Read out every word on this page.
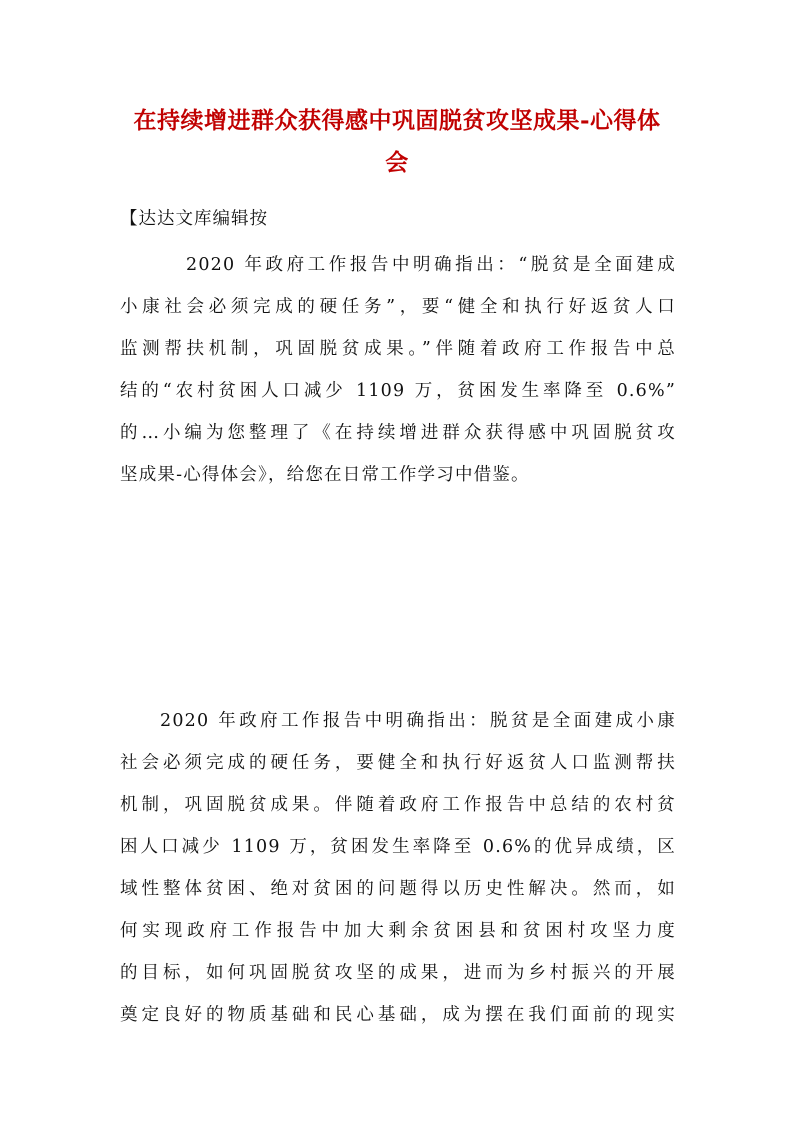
在持续增进群众获得感中巩固脱贫攻坚成果-心得体
会
【达达文库编辑按
2020 年政府工作报告中明确指出：“脱贫是全面建成
小康社会必须完成的硬任务”，要“健全和执行好返贫人口
监测帮扶机制，巩固脱贫成果。”伴随着政府工作报告中总
结的“农村贫困人口减少 1109 万，贫困发生率降至 0.6%”
的…小编为您整理了《在持续增进群众获得感中巩固脱贫攻
坚成果-心得体会》，给您在日常工作学习中借鉴。
2020 年政府工作报告中明确指出：脱贫是全面建成小康
社会必须完成的硬任务，要健全和执行好返贫人口监测帮扶
机制，巩固脱贫成果。伴随着政府工作报告中总结的农村贫
困人口减少 1109 万，贫困发生率降至 0.6%的优异成绩，区
域性整体贫困、绝对贫困的问题得以历史性解决。然而，如
何实现政府工作报告中加大剩余贫困县和贫困村攻坚力度
的目标，如何巩固脱贫攻坚的成果，进而为乡村振兴的开展
奠定良好的物质基础和民心基础，成为摆在我们面前的现实
